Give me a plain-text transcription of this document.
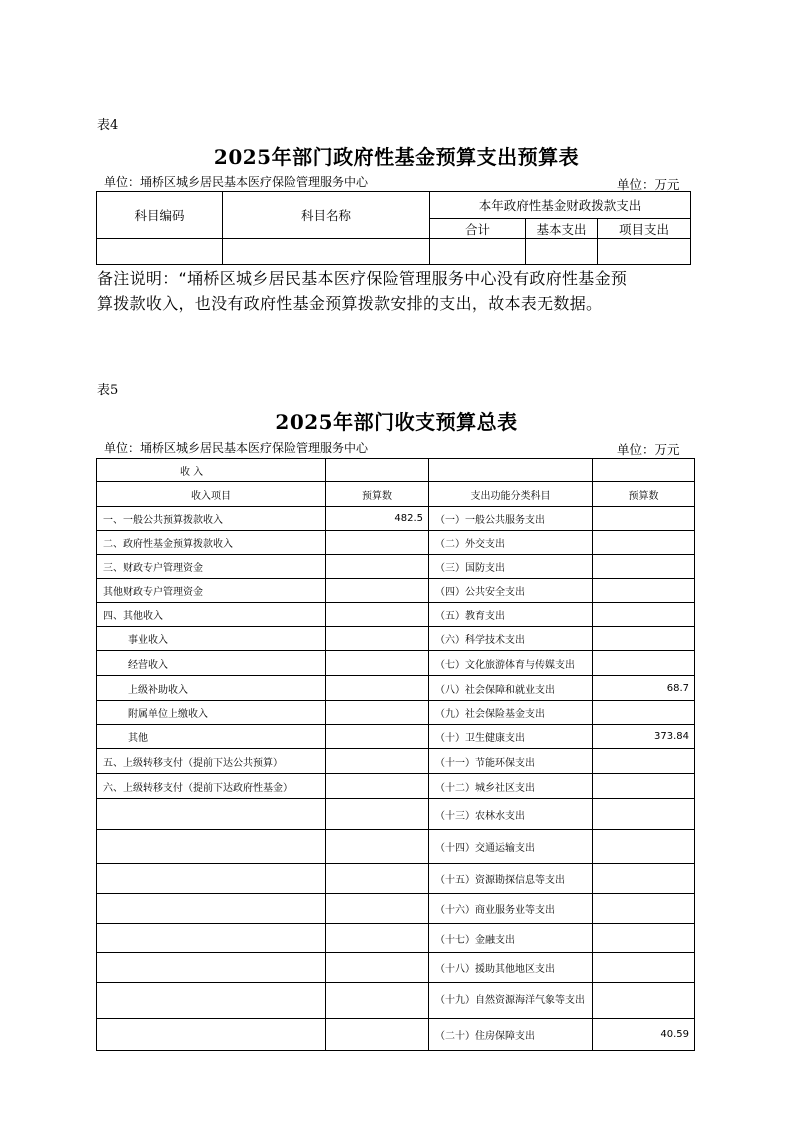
表4
2025年部门政府性基金预算支出预算表
单位：埇桥区城乡居民基本医疗保险管理服务中心	单位：万元
科目编码	科目名称	本年政府性基金财政拨款支出		
		合计	基本支出	项目支出

备注说明：“埇桥区城乡居民基本医疗保险管理服务中心没有政府性基金预
算拨款收入，也没有政府性基金预算拨款安排的支出，故本表无数据。
表5
2025年部门收支预算总表
单位：埇桥区城乡居民基本医疗保险管理服务中心	单位：万元
收 入			
收入项目	预算数	支出功能分类科目	预算数
一、一般公共预算拨款收入	482.5	（一）一般公共服务支出	
二、政府性基金预算拨款收入		（二）外交支出	
三、财政专户管理资金		（三）国防支出	
其他财政专户管理资金		（四）公共安全支出	
四、其他收入		（五）教育支出	
事业收入		（六）科学技术支出	
经营收入		（七）文化旅游体育与传媒支出	
上级补助收入		（八）社会保障和就业支出	68.7
附属单位上缴收入		（九）社会保险基金支出	
其他		（十）卫生健康支出	373.84
五、上级转移支付（提前下达公共预算）		（十一）节能环保支出	
六、上级转移支付（提前下达政府性基金）		（十二）城乡社区支出	
		（十三）农林水支出	
		（十四）交通运输支出	
		（十五）资源勘探信息等支出	
		（十六）商业服务业等支出	
		（十七）金融支出	
		（十八）援助其他地区支出	
		（十九）自然资源海洋气象等支出	
		（二十）住房保障支出	40.59
